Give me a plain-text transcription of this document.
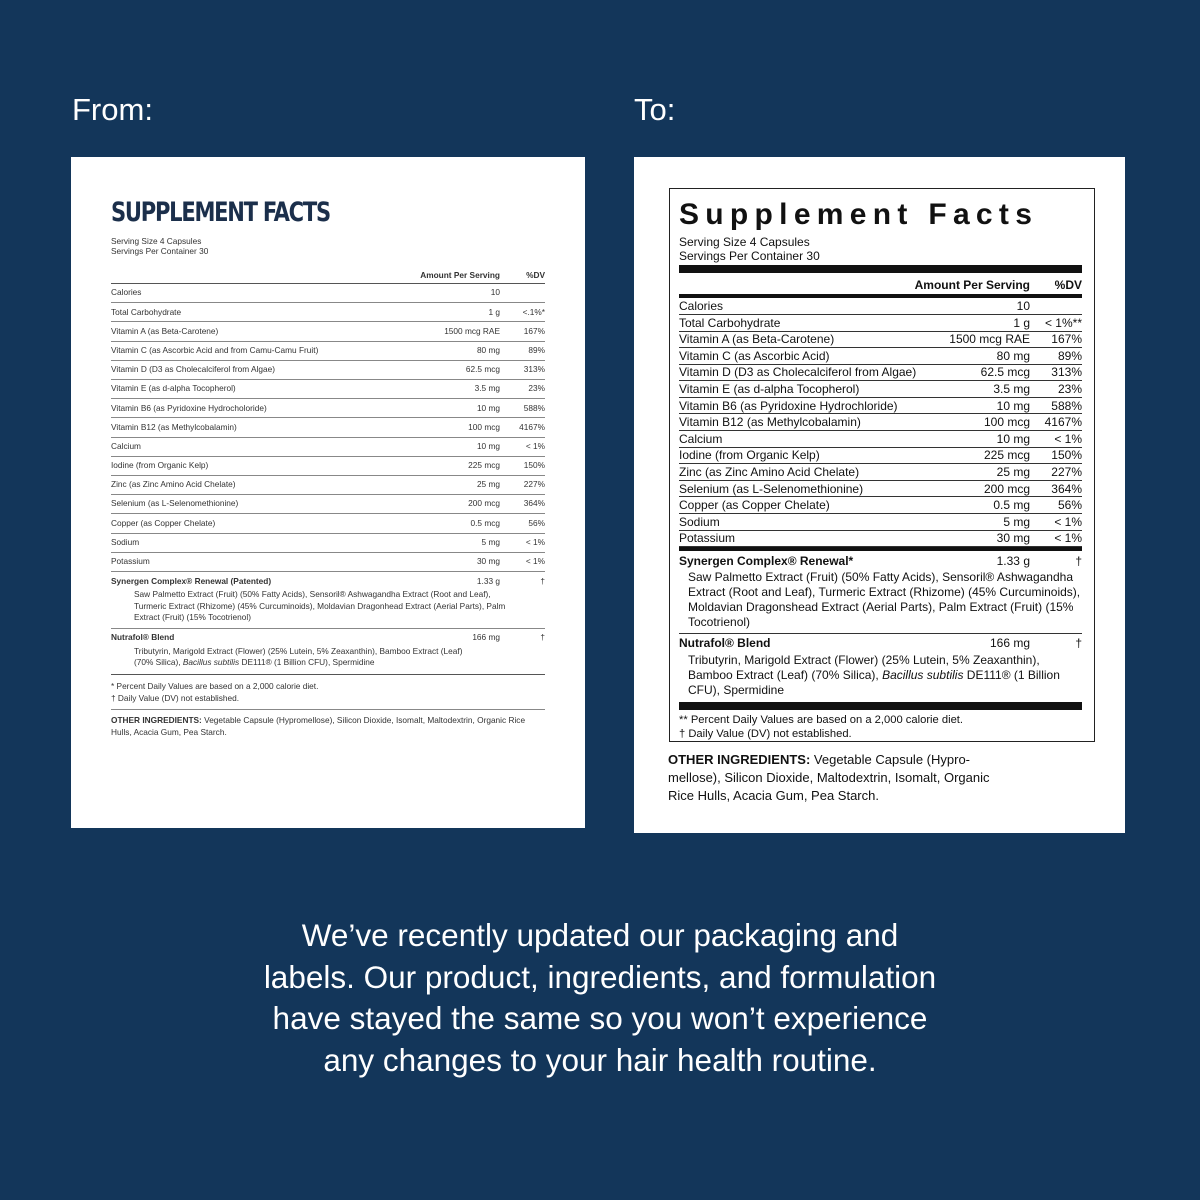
From:	To:
SUPPLEMENT FACTS
Serving Size 4 Capsules
Servings Per Container 30
Amount Per Serving	%DV
Calories	10
Total Carbohydrate	1 g	<.1%*
Vitamin A (as Beta-Carotene)	1500 mcg RAE	167%
Vitamin C (as Ascorbic Acid and from Camu-Camu Fruit)	80 mg	89%
Vitamin D (D3 as Cholecalciferol from Algae)	62.5 mcg	313%
Vitamin E (as d-alpha Tocopherol)	3.5 mg	23%
Vitamin B6 (as Pyridoxine Hydrocholoride)	10 mg	588%
Vitamin B12 (as Methylcobalamin)	100 mcg	4167%
Calcium	10 mg	< 1%
Iodine (from Organic Kelp)	225 mcg	150%
Zinc (as Zinc Amino Acid Chelate)	25 mg	227%
Selenium (as L-Selenomethionine)	200 mcg	364%
Copper (as Copper Chelate)	0.5 mcg	56%
Sodium	5 mg	< 1%
Potassium	30 mg	< 1%
Synergen Complex® Renewal (Patented)	1.33 g	†
Saw Palmetto Extract (Fruit) (50% Fatty Acids), Sensoril® Ashwagandha Extract (Root and Leaf), Turmeric Extract (Rhizome) (45% Curcuminoids), Moldavian Dragonhead Extract (Aerial Parts), Palm Extract (Fruit) (15% Tocotrienol)
Nutrafol® Blend	166 mg	†
Tributyrin, Marigold Extract (Flower) (25% Lutein, 5% Zeaxanthin), Bamboo Extract (Leaf) (70% Silica), Bacillus subtilis DE111® (1 Billion CFU), Spermidine
* Percent Daily Values are based on a 2,000 calorie diet.
† Daily Value (DV) not established.
OTHER INGREDIENTS: Vegetable Capsule (Hypromellose), Silicon Dioxide, Isomalt, Maltodextrin, Organic Rice Hulls, Acacia Gum, Pea Starch.
Supplement Facts
Serving Size 4 Capsules
Servings Per Container 30
Amount Per Serving	%DV
Calories	10
Total Carbohydrate	1 g	< 1%**
Vitamin A (as Beta-Carotene)	1500 mcg RAE	167%
Vitamin C (as Ascorbic Acid)	80 mg	89%
Vitamin D (D3 as Cholecalciferol from Algae)	62.5 mcg	313%
Vitamin E (as d-alpha Tocopherol)	3.5 mg	23%
Vitamin B6 (as Pyridoxine Hydrochloride)	10 mg	588%
Vitamin B12 (as Methylcobalamin)	100 mcg	4167%
Calcium	10 mg	< 1%
Iodine (from Organic Kelp)	225 mcg	150%
Zinc (as Zinc Amino Acid Chelate)	25 mg	227%
Selenium (as L-Selenomethionine)	200 mcg	364%
Copper (as Copper Chelate)	0.5 mg	56%
Sodium	5 mg	< 1%
Potassium	30 mg	< 1%
Synergen Complex® Renewal*	1.33 g	†
Saw Palmetto Extract (Fruit) (50% Fatty Acids), Sensoril® Ashwagandha Extract (Root and Leaf), Turmeric Extract (Rhizome) (45% Curcuminoids), Moldavian Dragonshead Extract (Aerial Parts), Palm Extract (Fruit) (15% Tocotrienol)
Nutrafol® Blend	166 mg	†
Tributyrin, Marigold Extract (Flower) (25% Lutein, 5% Zeaxanthin), Bamboo Extract (Leaf) (70% Silica), Bacillus subtilis DE111® (1 Billion CFU), Spermidine
** Percent Daily Values are based on a 2,000 calorie diet.
† Daily Value (DV) not established.
OTHER INGREDIENTS: Vegetable Capsule (Hypro-mellose), Silicon Dioxide, Maltodextrin, Isomalt, Organic Rice Hulls, Acacia Gum, Pea Starch.
We’ve recently updated our packaging and
labels. Our product, ingredients, and formulation
have stayed the same so you won’t experience
any changes to your hair health routine.
